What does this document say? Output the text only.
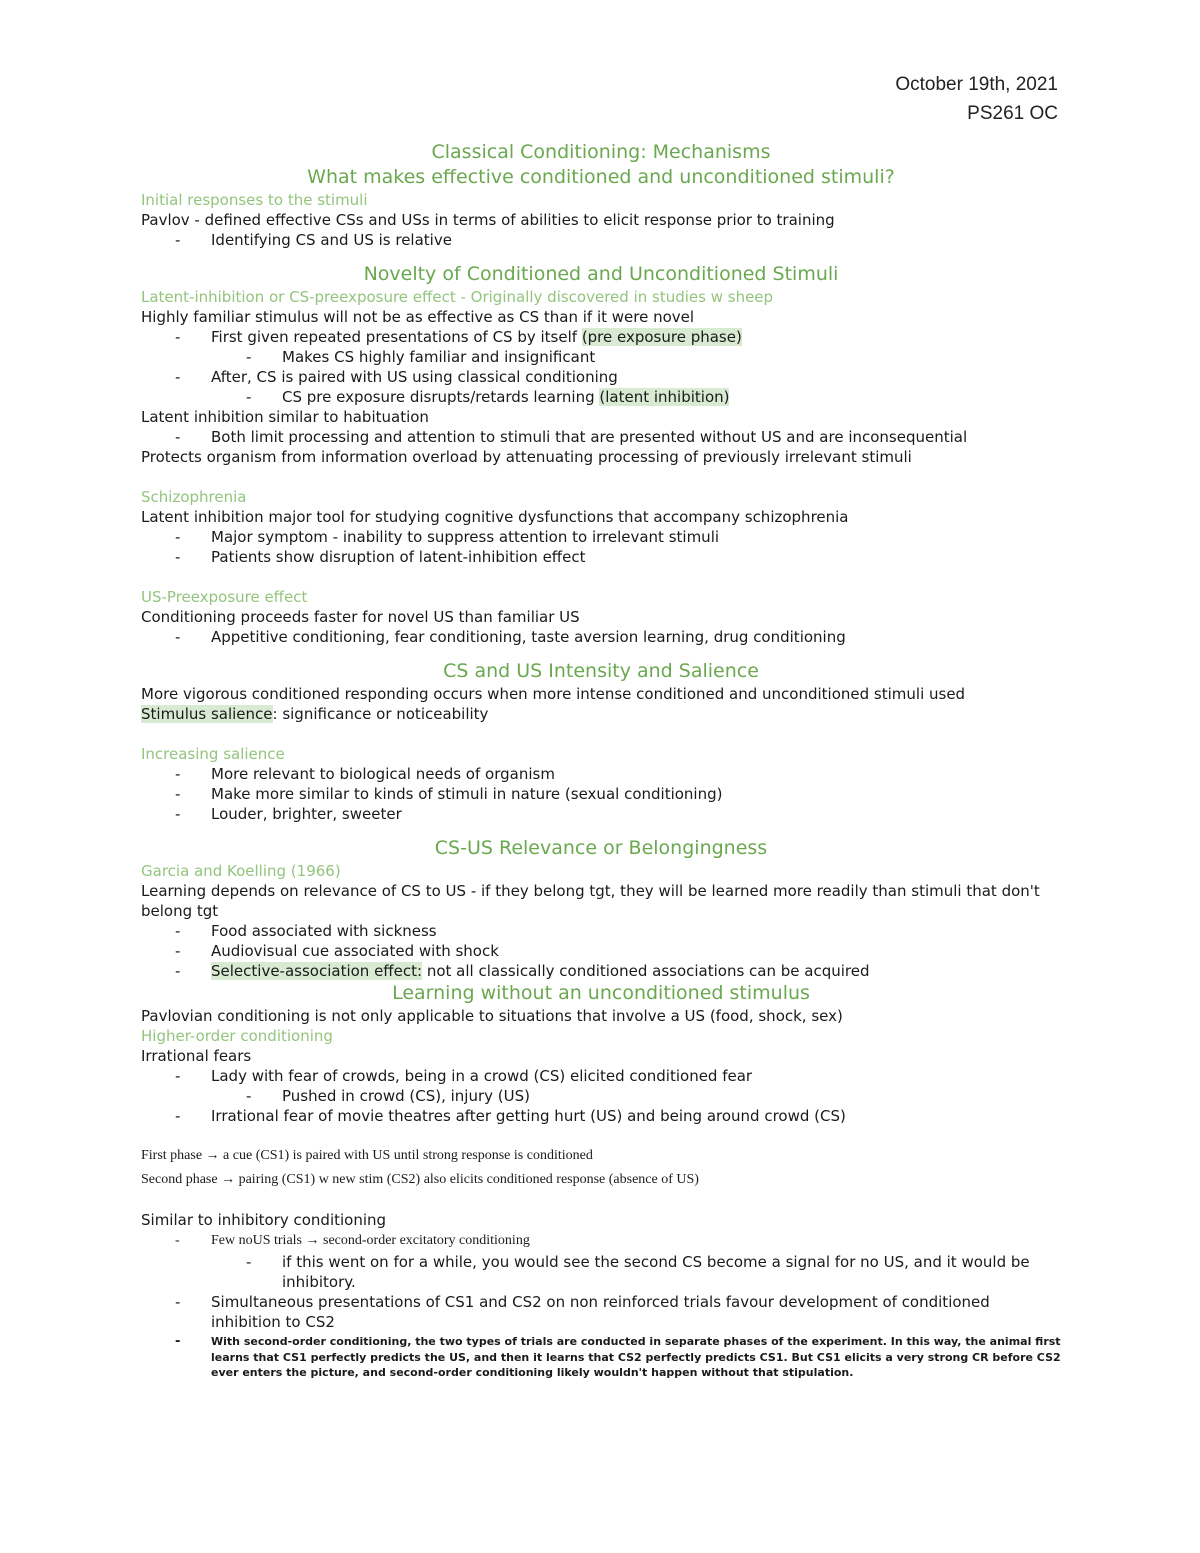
October 19th, 2021
PS261 OC
Classical Conditioning: Mechanisms
What makes effective conditioned and unconditioned stimuli?
Initial responses to the stimuli
Pavlov - defined effective CSs and USs in terms of abilities to elicit response prior to training
- Identifying CS and US is relative
Novelty of Conditioned and Unconditioned Stimuli
Latent-inhibition or CS-preexposure effect - Originally discovered in studies w sheep
Highly familiar stimulus will not be as effective as CS than if it were novel
- First given repeated presentations of CS by itself (pre exposure phase)
- Makes CS highly familiar and insignificant
- After, CS is paired with US using classical conditioning
- CS pre exposure disrupts/retards learning (latent inhibition)
Latent inhibition similar to habituation
- Both limit processing and attention to stimuli that are presented without US and are inconsequential
Protects organism from information overload by attenuating processing of previously irrelevant stimuli
Schizophrenia
Latent inhibition major tool for studying cognitive dysfunctions that accompany schizophrenia
- Major symptom - inability to suppress attention to irrelevant stimuli
- Patients show disruption of latent-inhibition effect
US-Preexposure effect
Conditioning proceeds faster for novel US than familiar US
- Appetitive conditioning, fear conditioning, taste aversion learning, drug conditioning
CS and US Intensity and Salience
More vigorous conditioned responding occurs when more intense conditioned and unconditioned stimuli used
Stimulus salience: significance or noticeability
Increasing salience
- More relevant to biological needs of organism
- Make more similar to kinds of stimuli in nature (sexual conditioning)
- Louder, brighter, sweeter
CS-US Relevance or Belongingness
Garcia and Koelling (1966)
Learning depends on relevance of CS to US - if they belong tgt, they will be learned more readily than stimuli that don't belong tgt
- Food associated with sickness
- Audiovisual cue associated with shock
- Selective-association effect: not all classically conditioned associations can be acquired
Learning without an unconditioned stimulus
Pavlovian conditioning is not only applicable to situations that involve a US (food, shock, sex)
Higher-order conditioning
Irrational fears
- Lady with fear of crowds, being in a crowd (CS) elicited conditioned fear
- Pushed in crowd (CS), injury (US)
- Irrational fear of movie theatres after getting hurt (US) and being around crowd (CS)
First phase → a cue (CS1) is paired with US until strong response is conditioned
Second phase → pairing (CS1) w new stim (CS2) also elicits conditioned response (absence of US)
Similar to inhibitory conditioning
- Few noUS trials → second-order excitatory conditioning
- if this went on for a while, you would see the second CS become a signal for no US, and it would be inhibitory.
- Simultaneous presentations of CS1 and CS2 on non reinforced trials favour development of conditioned inhibition to CS2
- With second-order conditioning, the two types of trials are conducted in separate phases of the experiment. In this way, the animal first learns that CS1 perfectly predicts the US, and then it learns that CS2 perfectly predicts CS1. But CS1 elicits a very strong CR before CS2 ever enters the picture, and second-order conditioning likely wouldn't happen without that stipulation.
